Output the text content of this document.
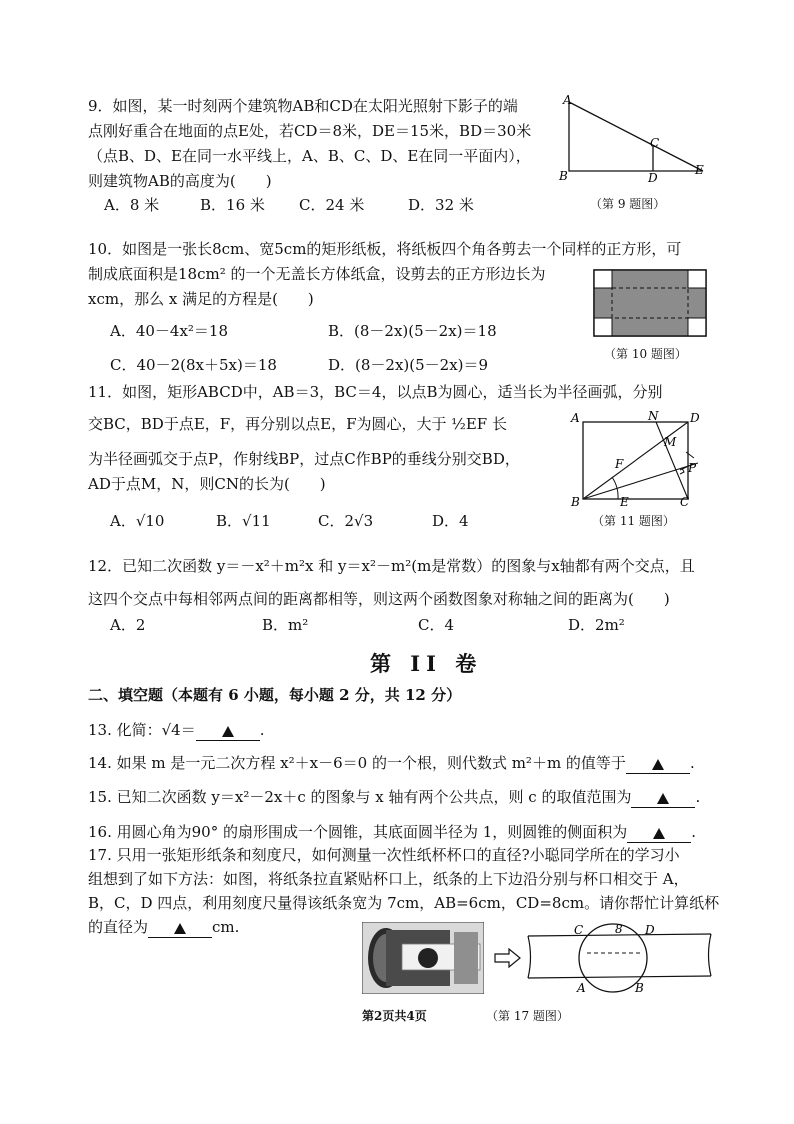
9．如图，某一时刻两个建筑物AB和CD在太阳光照射下影子的端
点刚好重合在地面的点E处，若CD＝8米，DE＝15米，BD＝30米
（点B、D、E在同一水平线上，A、B、C、D、E在同一平面内），
则建筑物AB的高度为(　　)
A．8 米	B．16 米 C．24 米	D．32 米
A
B
C
D
E
（第 9 题图）
10．如图是一张长8cm、宽5cm的矩形纸板，将纸板四个角各剪去一个同样的正方形，可
制成底面积是18cm² 的一个无盖长方体纸盒，设剪去的正方形边长为
xcm，那么 x 满足的方程是(　　)
A．40－4x²＝18	B．(8－2x)(5－2x)＝18
C．40－2(8x＋5x)＝18	D．(8－2x)(5－2x)＝9
（第 10 题图）
11．如图，矩形ABCD中，AB＝3，BC＝4，以点B为圆心，适当长为半径画弧，分别
交BC，BD于点E，F，再分别以点E，F为圆心，大于 ½EF 长
为半径画弧交于点P，作射线BP，过点C作BP的垂线分别交BD，
AD于点M，N，则CN的长为(　　)
A．√10	B．√11	C．2√3	D．4
A	N	D
M
F	P
B	E	C
（第 11 题图）
12．已知二次函数 y＝－x²＋m²x 和 y＝x²－m²(m是常数）的图象与x轴都有两个交点，且
这四个交点中每相邻两点间的距离都相等，则这两个函数图象对称轴之间的距离为(　　)
A．2	B．m²	C．4	D．2m²
第 II 卷
二、填空题（本题有 6 小题，每小题 2 分，共 12 分）
13. 化简：√4＝	.
14. 如果 m 是一元二次方程 x²＋x－6＝0 的一个根，则代数式 m²＋m 的值等于	.
15. 已知二次函数 y＝x²－2x＋c 的图象与 x 轴有两个公共点，则 c 的取值范围为	.
16. 用圆心角为90° 的扇形围成一个圆锥，其底面圆半径为 1，则圆锥的侧面积为	.
17. 只用一张矩形纸条和刻度尺，如何测量一次性纸杯杯口的直径?小聪同学所在的学习小
组想到了如下方法：如图，将纸条拉直紧贴杯口上，纸条的上下边沿分别与杯口相交于 A，
B，C，D 四点，利用刻度尺量得该纸条宽为 7cm，AB=6cm，CD=8cm。请你帮忙计算纸杯
的直径为	cm.	C	8 D
A	B
第2页共4页	（第 17 题图）
